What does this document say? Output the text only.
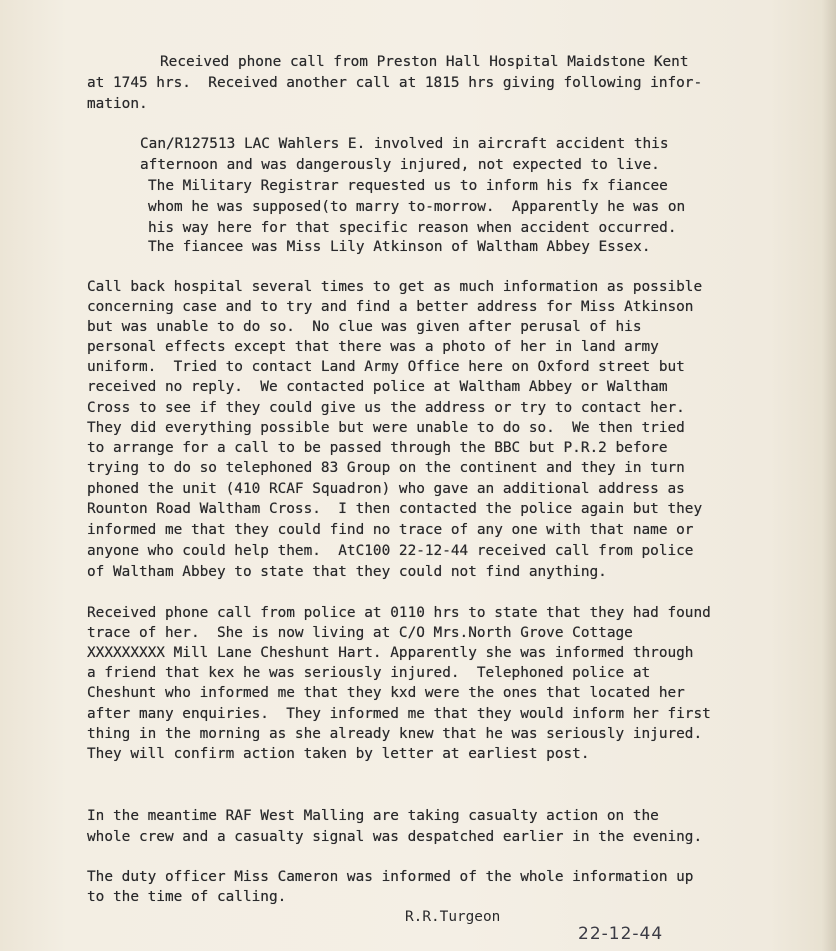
Received phone call from Preston Hall Hospital Maidstone Kent
at 1745 hrs.  Received another call at 1815 hrs giving following infor-
mation.
Can/R127513 LAC Wahlers E. involved in aircraft accident this
afternoon and was dangerously injured, not expected to live.
The Military Registrar requested us to inform his fx fiancee
whom he was supposed(to marry to-morrow.  Apparently he was on
his way here for that specific reason when accident occurred.
The fiancee was Miss Lily Atkinson of Waltham Abbey Essex.
Call back hospital several times to get as much information as possible
concerning case and to try and find a better address for Miss Atkinson
but was unable to do so.  No clue was given after perusal of his
personal effects except that there was a photo of her in land army
uniform.  Tried to contact Land Army Office here on Oxford street but
received no reply.  We contacted police at Waltham Abbey or Waltham
Cross to see if they could give us the address or try to contact her.
They did everything possible but were unable to do so.  We then tried
to arrange for a call to be passed through the BBC but P.R.2 before
trying to do so telephoned 83 Group on the continent and they in turn
phoned the unit (410 RCAF Squadron) who gave an additional address as
Rounton Road Waltham Cross.  I then contacted the police again but they
informed me that they could find no trace of any one with that name or
anyone who could help them.  AtC100 22-12-44 received call from police
of Waltham Abbey to state that they could not find anything.
Received phone call from police at 0110 hrs to state that they had found
trace of her.  She is now living at C/O Mrs.North Grove Cottage
XXXXXXXXX Mill Lane Cheshunt Hart. Apparently she was informed through
a friend that kex he was seriously injured.  Telephoned police at
Cheshunt who informed me that they kxd were the ones that located her
after many enquiries.  They informed me that they would inform her first
thing in the morning as she already knew that he was seriously injured.
They will confirm action taken by letter at earliest post.
In the meantime RAF West Malling are taking casualty action on the
whole crew and a casualty signal was despatched earlier in the evening.
The duty officer Miss Cameron was informed of the whole information up
to the time of calling.
R.R.Turgeon
22-12-44
